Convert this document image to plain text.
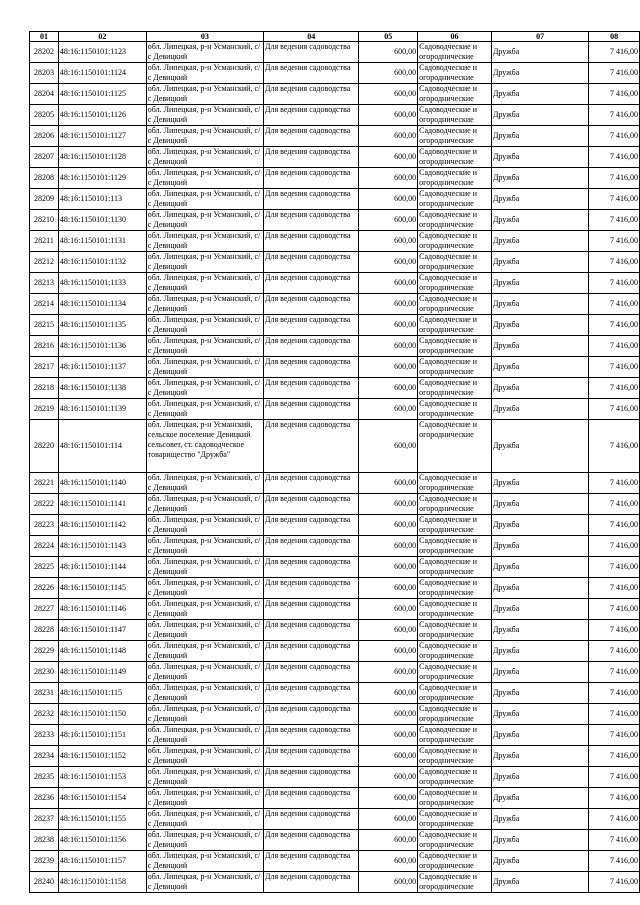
01	02	03	04	05	06	07	08
28202	48:16:1150101:1123	обл. Липецкая, р-н Усманский, с/с Девицкий	Для ведения садоводства	600,00	Садоводческие и огороднические	Дружба	7 416,00
28203	48:16:1150101:1124	обл. Липецкая, р-н Усманский, с/с Девицкий	Для ведения садоводства	600,00	Садоводческие и огороднические	Дружба	7 416,00
28204	48:16:1150101:1125	обл. Липецкая, р-н Усманский, с/с Девицкий	Для ведения садоводства	600,00	Садоводческие и огороднические	Дружба	7 416,00
28205	48:16:1150101:1126	обл. Липецкая, р-н Усманский, с/с Девицкий	Для ведения садоводства	600,00	Садоводческие и огороднические	Дружба	7 416,00
28206	48:16:1150101:1127	обл. Липецкая, р-н Усманский, с/с Девицкий	Для ведения садоводства	600,00	Садоводческие и огороднические	Дружба	7 416,00
28207	48:16:1150101:1128	обл. Липецкая, р-н Усманский, с/с Девицкий	Для ведения садоводства	600,00	Садоводческие и огороднические	Дружба	7 416,00
28208	48:16:1150101:1129	обл. Липецкая, р-н Усманский, с/с Девицкий	Для ведения садоводства	600,00	Садоводческие и огороднические	Дружба	7 416,00
28209	48:16:1150101:113	обл. Липецкая, р-н Усманский, с/с Девицкий	Для ведения садоводства	600,00	Садоводческие и огороднические	Дружба	7 416,00
28210	48:16:1150101:1130	обл. Липецкая, р-н Усманский, с/с Девицкий	Для ведения садоводства	600,00	Садоводческие и огороднические	Дружба	7 416,00
28211	48:16:1150101:1131	обл. Липецкая, р-н Усманский, с/с Девицкий	Для ведения садоводства	600,00	Садоводческие и огороднические	Дружба	7 416,00
28212	48:16:1150101:1132	обл. Липецкая, р-н Усманский, с/с Девицкий	Для ведения садоводства	600,00	Садоводческие и огороднические	Дружба	7 416,00
28213	48:16:1150101:1133	обл. Липецкая, р-н Усманский, с/с Девицкий	Для ведения садоводства	600,00	Садоводческие и огороднические	Дружба	7 416,00
28214	48:16:1150101:1134	обл. Липецкая, р-н Усманский, с/с Девицкий	Для ведения садоводства	600,00	Садоводческие и огороднические	Дружба	7 416,00
28215	48:16:1150101:1135	обл. Липецкая, р-н Усманский, с/с Девицкий	Для ведения садоводства	600,00	Садоводческие и огороднические	Дружба	7 416,00
28216	48:16:1150101:1136	обл. Липецкая, р-н Усманский, с/с Девицкий	Для ведения садоводства	600,00	Садоводческие и огороднические	Дружба	7 416,00
28217	48:16:1150101:1137	обл. Липецкая, р-н Усманский, с/с Девицкий	Для ведения садоводства	600,00	Садоводческие и огороднические	Дружба	7 416,00
28218	48:16:1150101:1138	обл. Липецкая, р-н Усманский, с/с Девицкий	Для ведения садоводства	600,00	Садоводческие и огороднические	Дружба	7 416,00
28219	48:16:1150101:1139	обл. Липецкая, р-н Усманский, с/с Девицкий	Для ведения садоводства	600,00	Садоводческие и огороднические	Дружба	7 416,00
28220	48:16:1150101:114	обл. Липецкая, р-н Усманский, сельское поселение Девицкий сельсовет, ст. садоводческое товарищество "Дружба"	Для ведения садоводства	600,00	Садоводческие и огороднические	Дружба	7 416,00
28221	48:16:1150101:1140	обл. Липецкая, р-н Усманский, с/с Девицкий	Для ведения садоводства	600,00	Садоводческие и огороднические	Дружба	7 416,00
28222	48:16:1150101:1141	обл. Липецкая, р-н Усманский, с/с Девицкий	Для ведения садоводства	600,00	Садоводческие и огороднические	Дружба	7 416,00
28223	48:16:1150101:1142	обл. Липецкая, р-н Усманский, с/с Девицкий	Для ведения садоводства	600,00	Садоводческие и огороднические	Дружба	7 416,00
28224	48:16:1150101:1143	обл. Липецкая, р-н Усманский, с/с Девицкий	Для ведения садоводства	600,00	Садоводческие и огороднические	Дружба	7 416,00
28225	48:16:1150101:1144	обл. Липецкая, р-н Усманский, с/с Девицкий	Для ведения садоводства	600,00	Садоводческие и огороднические	Дружба	7 416,00
28226	48:16:1150101:1145	обл. Липецкая, р-н Усманский, с/с Девицкий	Для ведения садоводства	600,00	Садоводческие и огороднические	Дружба	7 416,00
28227	48:16:1150101:1146	обл. Липецкая, р-н Усманский, с/с Девицкий	Для ведения садоводства	600,00	Садоводческие и огороднические	Дружба	7 416,00
28228	48:16:1150101:1147	обл. Липецкая, р-н Усманский, с/с Девицкий	Для ведения садоводства	600,00	Садоводческие и огороднические	Дружба	7 416,00
28229	48:16:1150101:1148	обл. Липецкая, р-н Усманский, с/с Девицкий	Для ведения садоводства	600,00	Садоводческие и огороднические	Дружба	7 416,00
28230	48:16:1150101:1149	обл. Липецкая, р-н Усманский, с/с Девицкий	Для ведения садоводства	600,00	Садоводческие и огороднические	Дружба	7 416,00
28231	48:16:1150101:115	обл. Липецкая, р-н Усманский, с/с Девицкий	Для ведения садоводства	600,00	Садоводческие и огороднические	Дружба	7 416,00
28232	48:16:1150101:1150	обл. Липецкая, р-н Усманский, с/с Девицкий	Для ведения садоводства	600,00	Садоводческие и огороднические	Дружба	7 416,00
28233	48:16:1150101:1151	обл. Липецкая, р-н Усманский, с/с Девицкий	Для ведения садоводства	600,00	Садоводческие и огороднические	Дружба	7 416,00
28234	48:16:1150101:1152	обл. Липецкая, р-н Усманский, с/с Девицкий	Для ведения садоводства	600,00	Садоводческие и огороднические	Дружба	7 416,00
28235	48:16:1150101:1153	обл. Липецкая, р-н Усманский, с/с Девицкий	Для ведения садоводства	600,00	Садоводческие и огороднические	Дружба	7 416,00
28236	48:16:1150101:1154	обл. Липецкая, р-н Усманский, с/с Девицкий	Для ведения садоводства	600,00	Садоводческие и огороднические	Дружба	7 416,00
28237	48:16:1150101:1155	обл. Липецкая, р-н Усманский, с/с Девицкий	Для ведения садоводства	600,00	Садоводческие и огороднические	Дружба	7 416,00
28238	48:16:1150101:1156	обл. Липецкая, р-н Усманский, с/с Девицкий	Для ведения садоводства	600,00	Садоводческие и огороднические	Дружба	7 416,00
28239	48:16:1150101:1157	обл. Липецкая, р-н Усманский, с/с Девицкий	Для ведения садоводства	600,00	Садоводческие и огороднические	Дружба	7 416,00
28240	48:16:1150101:1158	обл. Липецкая, р-н Усманский, с/с Девицкий	Для ведения садоводства	600,00	Садоводческие и огороднические	Дружба	7 416,00
